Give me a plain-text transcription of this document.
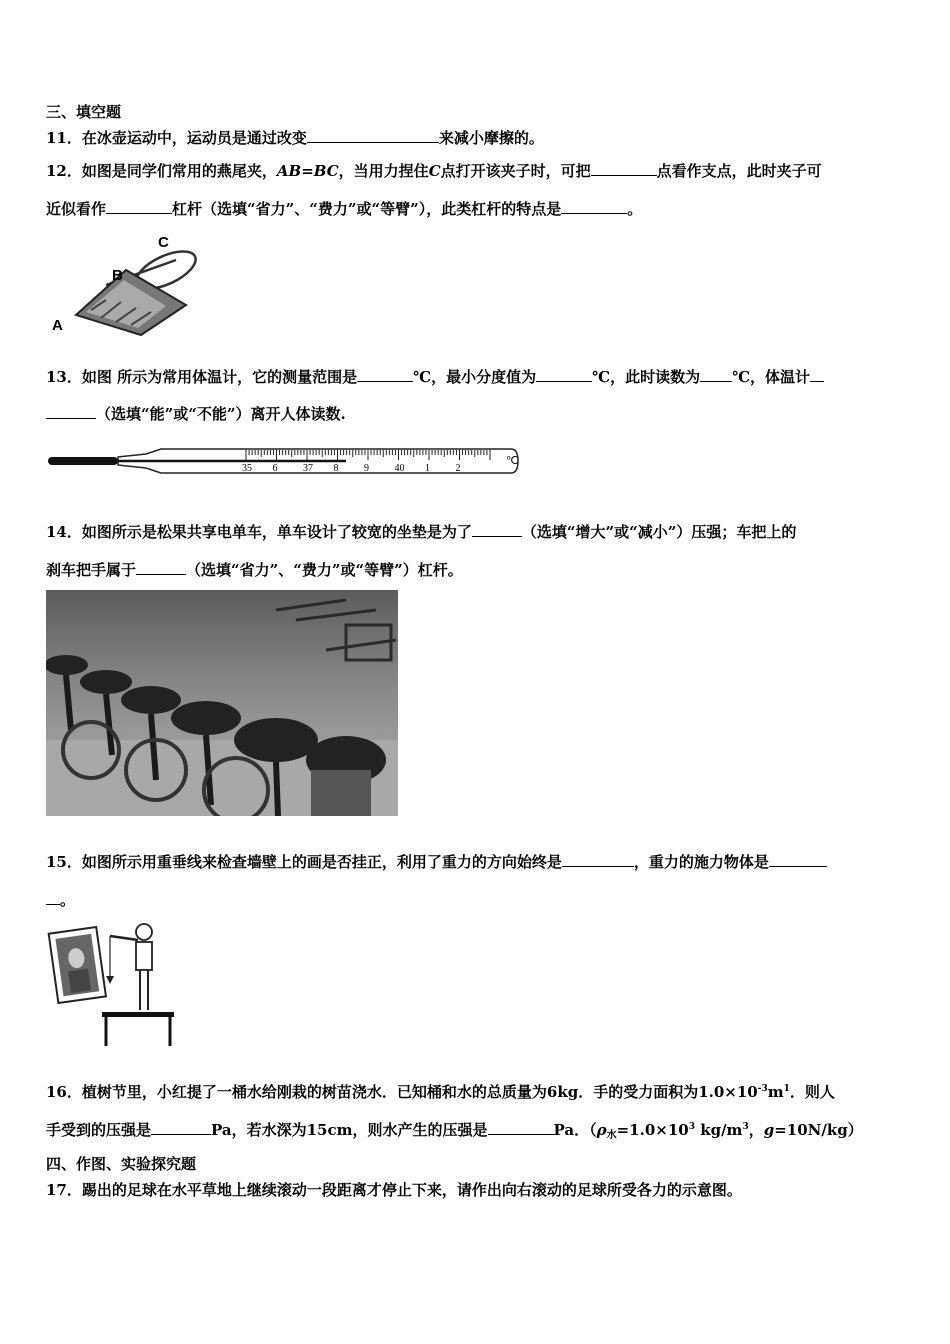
三、填空题
11．在冰壶运动中，运动员是通过改变	来减小摩擦的。
12．如图是同学们常用的燕尾夹，AB=BC，当用力捏住C点打开该夹子时，可把	点看作支点，此时夹子可
近似看作	杠杆（选填“省力”、“费力”或“等臂”），此类杠杆的特点是	。
A
B
C
13．如图 所示为常用体温计，它的测量范围是	℃，最小分度值为	℃，此时读数为 ℃，体温计
（选填“能”或“不能”）离开人体读数.
35 6	37 8	9	40 1	2
℃
14．如图所示是松果共享电单车，单车设计了较宽的坐垫是为了	（选填“增大”或“减小”）压强；车把上的
刹车把手属于	（选填“省力”、“费力”或“等臂”）杠杆。
15．如图所示用重垂线来检查墙壁上的画是否挂正，利用了重力的方向始终是	，重力的施力物体是
。
16．植树节里，小红提了一桶水给刚栽的树苗浇水．已知桶和水的总质量为6kg．手的受力面积为$1.0\times 10^{-3}m^1$．则人
手受到的压强是	Pa，若水深为15cm，则水产生的压强是	Pa．（$\rho_水=1.0\times 10^3$ $kg/m^3$，g=10N/kg）
四、作图、实验探究题
17．踢出的足球在水平草地上继续滚动一段距离才停止下来，请作出向右滚动的足球所受各力的示意图。
